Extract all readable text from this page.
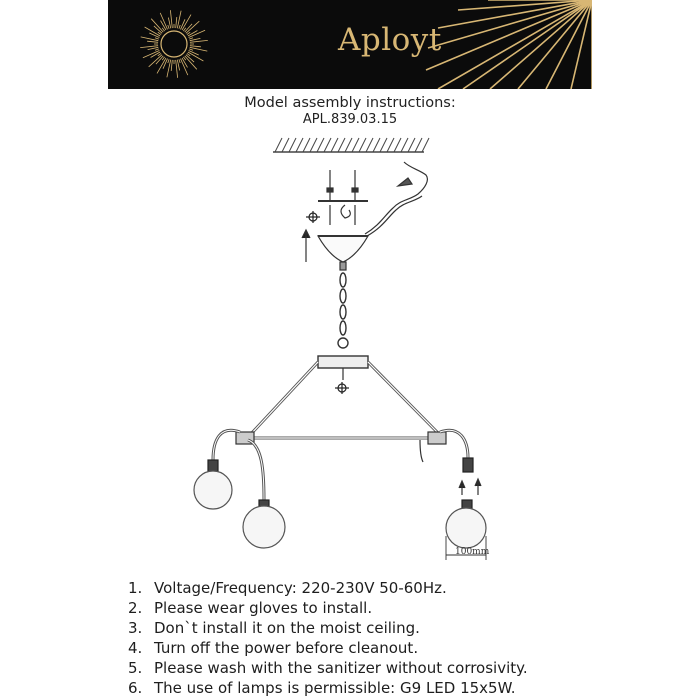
Aployt
Model assembly instructions:
APL.839.03.15
100mm
1. Voltage/Frequency: 220-230V 50-60Hz.
2. Please wear gloves to install.
3. Don`t install it on the moist ceiling.
4. Turn off the power before cleanout.
5. Please wash with the sanitizer without corrosivity.
6. The use of lamps is permissible: G9 LED 15x5W.
